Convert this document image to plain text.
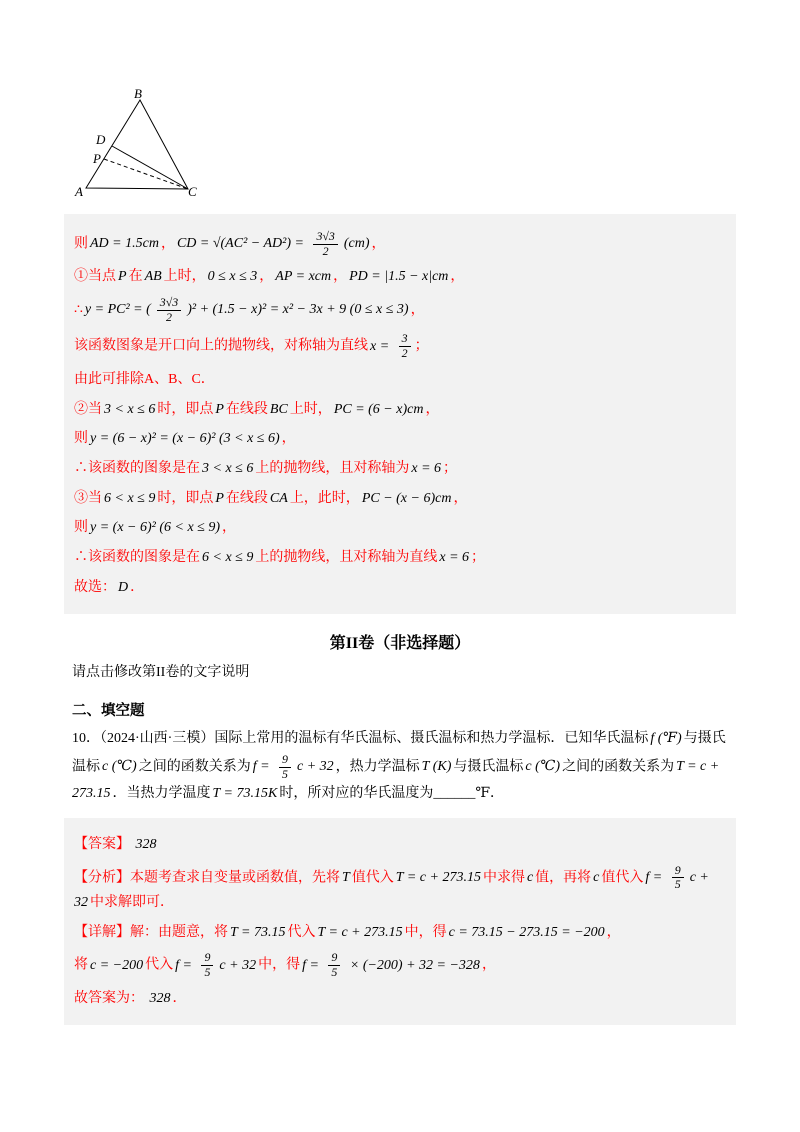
B
D
P
A	C
则 AD = 1.5cm ， CD = $√(AC^2 - AD^2) = \frac{3√3}{2} (cm)$ ，
①当点 P 在 AB 上时， 0 ≤ x ≤ 3 ， AP = xcm ， PD = |1.5 − x|cm ，
∴ y = PC² = ( $\frac{3√3}{2} )^2 + (1.5 - x)^2 = x^2 - 3x + 9$ (0 ≤ x ≤ 3) ，
该函数图象是开口向上的抛物线，对称轴为直线 $x = \frac{3}{2}$ ；
由此可排除A、B、C．
②当 3 < x ≤ 6 时，即点 P 在线段 BC 上时， PC = (6 − x)cm ，
则 y = (6 − x)² = (x − 6)² (3 < x ≤ 6) ，
∴该函数的图象是在 3 < x ≤ 6 上的抛物线，且对称轴为 x = 6 ；
③当 6 < x ≤ 9 时，即点 P 在线段 CA 上，此时， PC − (x − 6)cm ，
则 y = (x − 6)² (6 < x ≤ 9) ，
∴该函数的图象是在 6 < x ≤ 9 上的抛物线，且对称轴为直线 x = 6 ；
故选： D ．
第II卷（非选择题）
请点击修改第II卷的文字说明
二、填空题
10．（2024·山西·三模）国际上常用的温标有华氏温标、摄氏温标和热力学温标．已知华氏温标 f (℉) 与摄氏温标 c (℃) 之间的函数关系为 $f = \frac{9}{5}$ c + 32 ，热力学温标 T (K) 与摄氏温标 c (℃) 之间的函数关系为 T = c + 273.15 ．当热力学温度 T = 73.15K 时，所对应的华氏温度为______℉．
【答案】 328
【分析】本题考查求自变量或函数值，先将 T 值代入 T = c + 273.15 中求得 c 值，再将 c 值代入 $f = \frac{9}{5}$ c + 32 中求解即可．
【详解】解：由题意，将 T = 73.15 代入 T = c + 273.15 中，得 c = 73.15 − 273.15 = −200 ，
将 c = −200 代入 $f = \frac{9}{5}$ c + 32 中，得 $f = \frac{9}{5} \times (-200) + 32 = -328$ ，
故答案为： 328 ．
